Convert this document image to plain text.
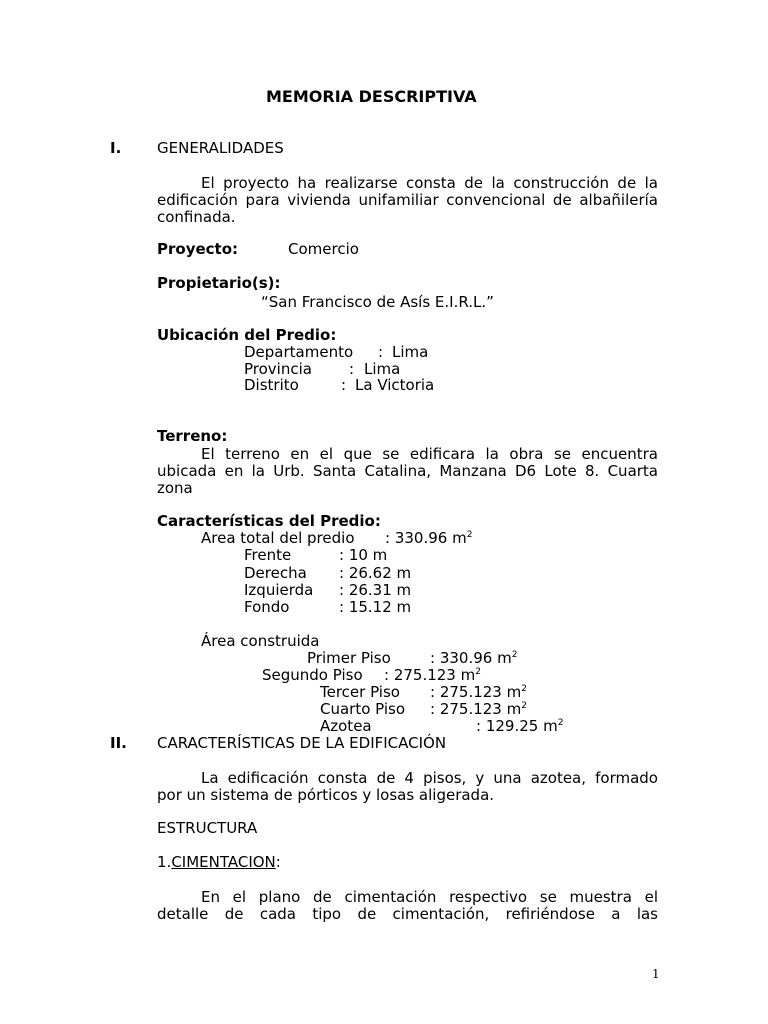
MEMORIA DESCRIPTIVA
I. GENERALIDADES
El proyecto ha realizarse consta de la construcción de la
edificación para vivienda unifamiliar convencional de albañilería
confinada.
Proyecto:	Comercio
Propietario(s):
“San Francisco de Asís E.I.R.L.”
Ubicación del Predio:
Departamento : Lima
Provincia : Lima
Distrito	: La Victoria
Terreno:
El terreno en el que se edificara la obra se encuentra
ubicada en la Urb. Santa Catalina, Manzana D6 Lote 8. Cuarta
zona
Características del Predio:
Area total del predio : 330.96 $m^2$
Frente	: 10 m
Derecha : 26.62 m
Izquierda : 26.31 m
Fondo	: 15.12 m
Área construida
Primer Piso	: 330.96 $m^2$
Segundo Piso : 275.123 $m^2$
Tercer Piso : 275.123 $m^2$
Cuarto Piso : 275.123 $m^2$
Azotea	: 129.25 $m^2$
II. CARACTERÍSTICAS DE LA EDIFICACIÓN
La edificación consta de 4 pisos, y una azotea, formado
por un sistema de pórticos y losas aligerada.
ESTRUCTURA
1.CIMENTACION:
En el plano de cimentación respectivo se muestra el
detalle de cada tipo de cimentación, refiriéndose a las
1
